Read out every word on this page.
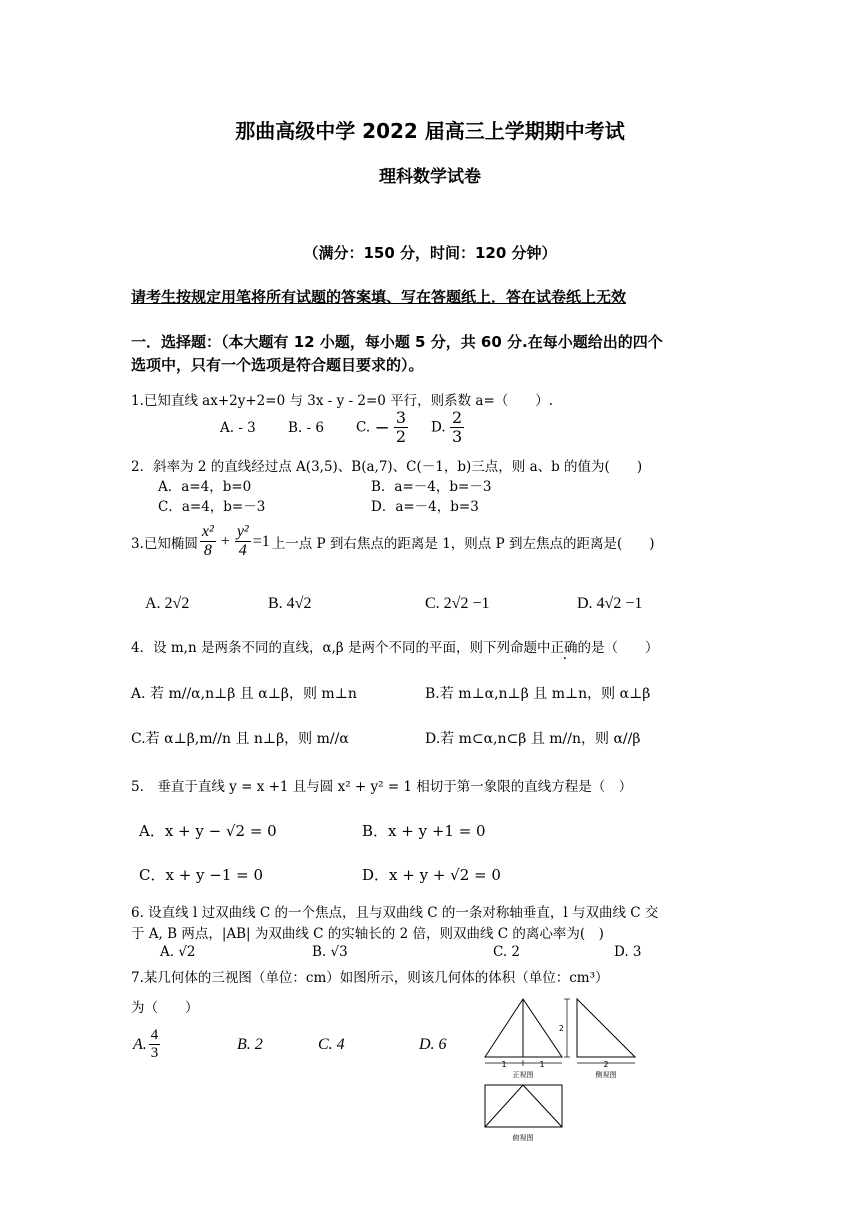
那曲高级中学 2022 届高三上学期期中考试
理科数学试卷
（满分：150 分，时间：120 分钟）
请考生按规定用笔将所有试题的答案填、写在答题纸上．答在试卷纸上无效
一．选择题：（本大题有 12 小题，每小题 5 分，共 60 分.在每小题给出的四个
选项中，只有一个选项是符合题目要求的）。
1.已知直线 ax+2y+2=0 与 3x - y - 2=0 平行，则系数 a=（　　）.
A. - 3 B. - 6 C. − $\frac{3}{2} D$. $\frac{2}{3}$
2．斜率为 2 的直线经过点 A(3,5)、B(a,7)、C(－1，b)三点，则 a、b 的值为(　　)
A．a=4，b=0	B．a=－4，b=－3
C．a=4，b=－3	D．a=－4，b=3
3.已知椭圆 $\frac{\text{x²}}{8} + \frac{\text{y²}}{4} =1$ 上一点 P 到右焦点的距离是 1，则点 P 到左焦点的距离是(　　)
A. 2√2	B. 4√2	C. 2√2 −1	D. 4√2 −1
4．设 m,n 是两条不同的直线，α,β 是两个不同的平面，则下列命题中正确的是（　　）
A. 若 m//α,n⊥β 且 α⊥β，则 m⊥n	B.若 m⊥α,n⊥β 且 m⊥n，则 α⊥β
C.若 α⊥β,m//n 且 n⊥β，则 m//α	D.若 m⊂α,n⊂β 且 m//n，则 α//β
5.　垂直于直线 y = x +1 且与圆 x² + y² = 1 相切于第一象限的直线方程是（　）
A．x + y − √2 = 0	B．x + y +1 = 0
C．x + y −1 = 0	D．x + y + √2 = 0
6. 设直线 l 过双曲线 C 的一个焦点，且与双曲线 C 的一条对称轴垂直，l 与双曲线 C 交
于 A, B 两点，|AB| 为双曲线 C 的实轴长的 2 倍，则双曲线 C 的离心率为(　)
A. √2	B. √3	C. 2	D. 3
7.某几何体的三视图（单位：cm）如图所示，则该几何体的体积（单位：cm³）
为（　　）
A. $\frac{4}{3}$	B. 2	C. 4	D. 6
1	1
正视图
2
2
侧视图
俯视图
